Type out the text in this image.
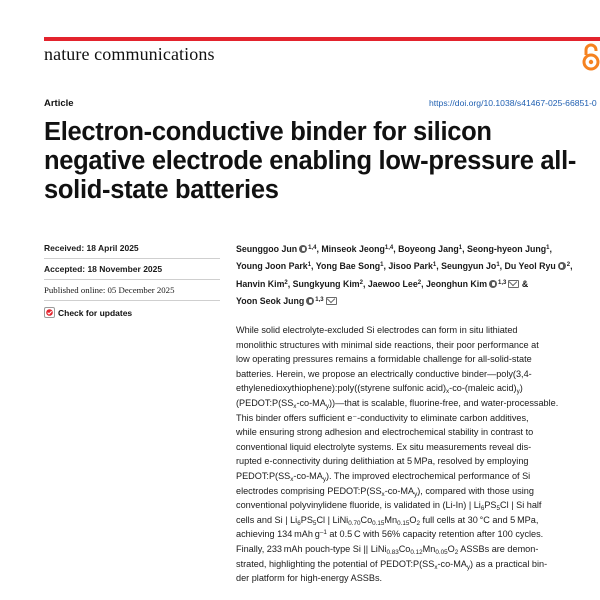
nature communications
Article	https://doi.org/10.1038/s41467-025-66851-0
Electron-conductive binder for silicon
negative electrode enabling low-pressure all-
solid-state batteries
Received: 18 April 2025
Accepted: 18 November 2025
Published online: 05 December 2025
Check for updates
Seunggoo Jun $^{1,4}$, Minseok Jeong$^{1,4}$, Boyeong Jang$^1$, Seong-hyeon Jung$^1$,
Young Joon Park$^1$, Yong Bae Song$^1$, Jisoo Park$^1$, Seungyun Jo$^1$, Du Yeol Ryu $^2$,
Hanvin Kim$^2$, Sungkyung Kim$^2$, Jaewoo Lee$^2$, Jeonghun Kim $^{1,3}$ &
Yoon Seok Jung $^{1,3}$
While solid electrolyte-excluded Si electrodes can form in situ lithiated
monolithic structures with minimal side reactions, their poor performance at
low operating pressures remains a formidable challenge for all-solid-state
batteries. Herein, we propose an electrically conductive binder—poly(3,4-
ethylenedioxythiophene):poly((styrene sulfonic $acid)_x-co-(maleic$ $acid)_y$)
$(PEDOT:P(SS_x-co-MA_y))—that$ is scalable, fluorine-free, and water-processable.
This binder offers sufficient e⁻-conductivity to eliminate carbon additives,
while ensuring strong adhesion and electrochemical stability in contrast to
conventional liquid electrolyte systems. Ex situ measurements reveal dis-
rupted e-connectivity during delithiation at 5 MPa, resolved by employing
$PEDOT:P(SS_x-co-MA_y)$. The improved electrochemical performance of Si
electrodes comprising $PEDOT:P(SS_x-co-MA_y)$, compared with those using
conventional polyvinylidene fluoride, is validated in (Li-In) | $Li_6PS_5Cl$ | Si half
cells and Si | $Li_6PS_5Cl$ | $LiNi_{0.70}Co_{0.15}Mn_{0.15}O_2$ full cells at 30 °C and 5 MPa,
achieving 134 mAh $g^{-1}$ at 0.5 C with 56% capacity retention after 100 cycles.
Finally, 233 mAh pouch-type Si || $LiNi_{0.83}Co_{0.12}Mn_{0.05}O_2$ ASSBs are demon-
strated, highlighting the potential of $PEDOT:P(SS_x-co-MA_y)$ as a practical bin-
der platform for high-energy ASSBs.
